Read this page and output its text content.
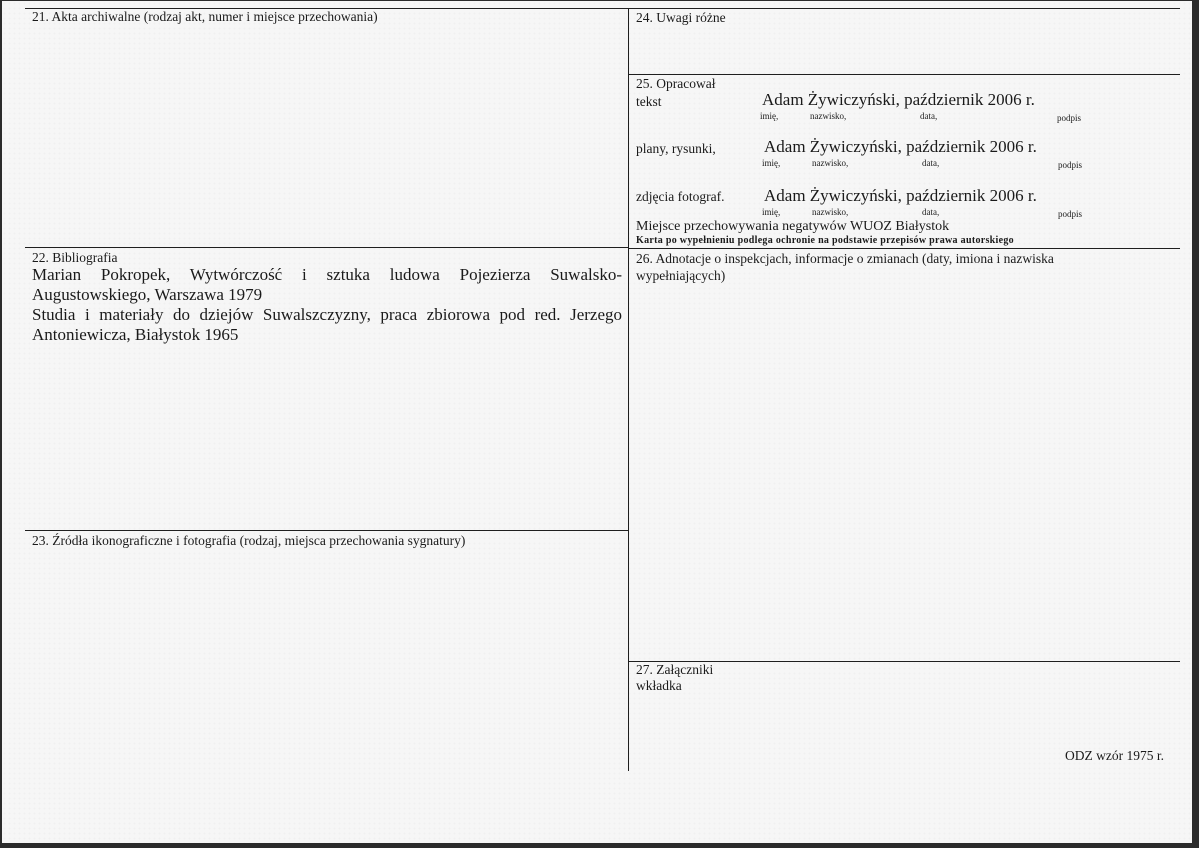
21. Akta archiwalne (rodzaj akt, numer i miejsce przechowania)
22. Bibliografia

Marian Pokropek, Wytwórczość i sztuka ludowa Pojezierza Suwalsko-Augustowskiego, Warszawa 1979

Studia i materiały do dziejów Suwalszczyzny, praca zbiorowa pod red. Jerzego Antoniewicza, Białystok 1965

23. Źródła ikonograficzne i fotografia (rodzaj, miejsca przechowania sygnatury)
24. Uwagi różne
25. Opracował
tekst	Adam Żywiczyński, październik 2006 r.
imię,	nazwisko,	data,	podpis
plany, rysunki,	Adam Żywiczyński, październik 2006 r.
imię,	nazwisko,	data,	podpis
zdjęcia fotograf. Adam Żywiczyński, październik 2006 r.
imię,	nazwisko,	data,	podpis
Miejsce przechowywania negatywów WUOZ Białystok
Karta po wypełnieniu podlega ochronie na podstawie przepisów prawa autorskiego
26. Adnotacje o inspekcjach, informacje o zmianach (daty, imiona i nazwiska wypełniających)
27. Załączniki
wkładka
ODZ wzór 1975 r.
